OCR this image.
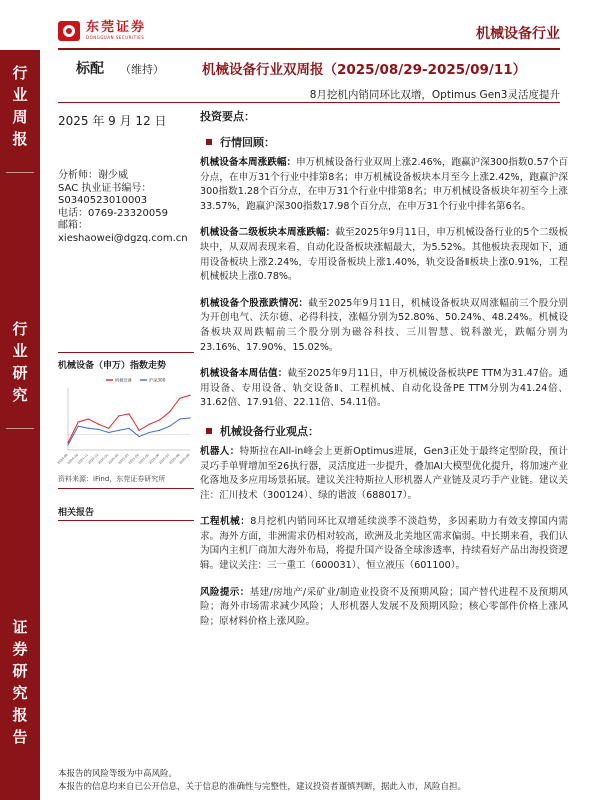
东莞证券
DONGGUAN SECURITIES	机械设备行业
行
业
周
报
行
业
研
究
证
券
研
究
报
告
标配 （维持）	机械设备行业双周报（2025/08/29-2025/09/11）
8月挖机内销同环比双增，Optimus Gen3灵活度提升
2025 年 9 月 12 日
分析师：谢少威
SAC 执业证书编号：
S0340523010003
电话：0769-23320059
邮箱：
xieshaowei@dgzq.com.cn
机械设备（申万）指数走势
2024-09
2024-10
2024-11
2024-12
2025-01
2025-02
2025-03
2025-04
2025-05
2025-06
2025-07
2025-08
2025-09
机械设备	沪深300
资料来源：iFind，东莞证券研究所
相关报告
投资要点：
行情回顾：

机械设备本周涨跌幅：申万机械设备行业双周上涨2.46%，跑赢沪深300指数0.57个百分点，在申万31个行业中排第8名；申万机械设备板块本月至今上涨2.42%，跑赢沪深300指数1.28个百分点，在申万31个行业中排第8名；申万机械设备板块年初至今上涨33.57%，跑赢沪深300指数17.98个百分点，在申万31个行业中排名第6名。

机械设备二级板块本周涨跌幅：截至2025年9月11日，申万机械设备行业的5个二级板块中，从双周表现来看，自动化设备板块涨幅最大，为5.52%。其他板块表现如下，通用设备板块上涨2.24%，专用设备板块上涨1.40%，轨交设备Ⅱ板块上涨0.91%，工程机械板块上涨0.78%。

机械设备个股涨跌情况：截至2025年9月11日，机械设备板块双周涨幅前三个股分别为开创电气、沃尔德、必得科技，涨幅分别为52.80%、50.24%、48.24%。机械设备板块双周跌幅前三个股分别为磁谷科技、三川智慧、锐科激光，跌幅分别为23.16%、17.90%、15.02%。

机械设备本周估值：截至2025年9月11日，申万机械设备板块PE TTM为31.47倍。通用设备、专用设备、轨交设备Ⅱ、工程机械、自动化设备PE TTM分别为41.24倍、31.62倍、17.91倍、22.11倍、54.11倍。

机械设备行业观点：

机器人：特斯拉在All-in峰会上更新Optimus进展，Gen3正处于最终定型阶段，预计灵巧手单臂增加至26执行器，灵活度进一步提升，叠加AI大模型优化提升，将加速产业化落地及多应用场景拓展。建议关注特斯拉人形机器人产业链及灵巧手产业链。建议关注：汇川技术（300124）、绿的谐波（688017）。

工程机械：8月挖机内销同环比双增延续淡季不淡趋势，多因素助力有效支撑国内需求。海外方面，非洲需求仍相对较高，欧洲及北美地区需求偏弱。中长期来看，我们认为国内主机厂商加大海外布局，将提升国产设备全球渗透率，持续看好产品出海投资逻辑。建议关注：三一重工（600031）、恒立液压（601100）。

风险提示：基建/房地产/采矿业/制造业投资不及预期风险；国产替代进程不及预期风险；海外市场需求减少风险；人形机器人发展不及预期风险；核心零部件价格上涨风险；原材料价格上涨风险。

本报告的风险等级为中高风险。
本报告的信息均来自已公开信息，关于信息的准确性与完整性，建议投资者谨慎判断，据此入市，风险自担。
